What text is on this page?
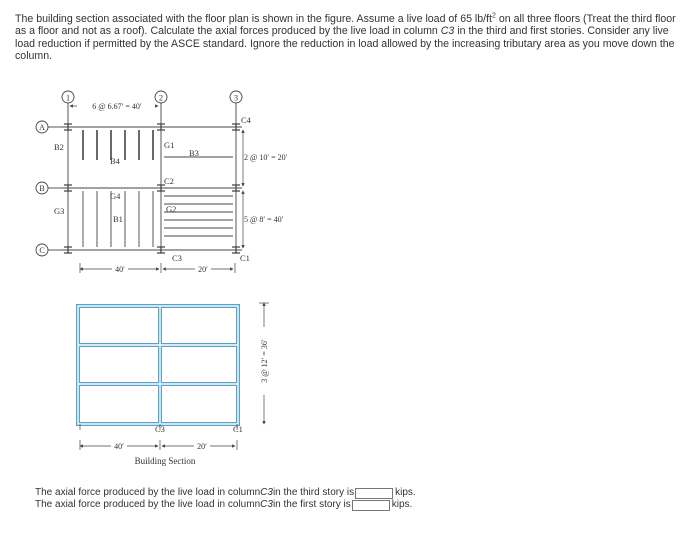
The building section associated with the floor plan is shown in the figure. Assume a live load of 65 $lb/ft^2$ on all three floors (Treat the third floor as a floor and not as a roof). Calculate the axial forces produced by the live load in column C3 in the third and first stories. Consider any live load reduction if permitted by the ASCE standard. Ignore the reduction in load allowed by the increasing tributary area as you move down the column.
1	2	3
A
B
C
6 @ 6.67′ = 40′
B2
B4
G1
B3
C4
G4
C2
G3
B1
G2
C3	C1
2 @ 10′ = 20′
5 @ 8′ = 40′
40′	20′
C3	C1
3 @ 12′ = 36′
40′	20′
Building Section
The axial force produced by the live load in column C3 in the third story is	kips.
The axial force produced by the live load in column C3 in the first story is	kips.
